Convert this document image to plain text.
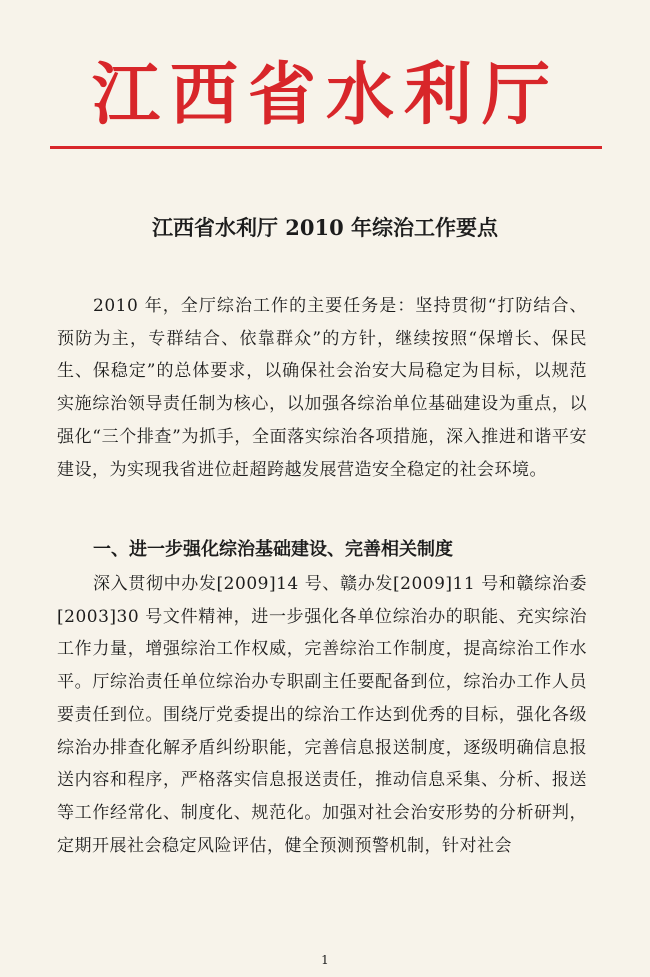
江西省水利厅
江西省水利厅 2010 年综治工作要点
2010 年，全厅综治工作的主要任务是：坚持贯彻“打防结合、预防为主，专群结合、依靠群众”的方针，继续按照“保增长、保民生、保稳定”的总体要求，以确保社会治安大局稳定为目标，以规范实施综治领导责任制为核心，以加强各综治单位基础建设为重点，以强化“三个排查”为抓手，全面落实综治各项措施，深入推进和谐平安建设，为实现我省进位赶超跨越发展营造安全稳定的社会环境。
一、进一步强化综治基础建设、完善相关制度
深入贯彻中办发[2009]14 号、赣办发[2009]11 号和赣综治委[2003]30 号文件精神，进一步强化各单位综治办的职能、充实综治工作力量，增强综治工作权威，完善综治工作制度，提高综治工作水平。厅综治责任单位综治办专职副主任要配备到位，综治办工作人员要责任到位。围绕厅党委提出的综治工作达到优秀的目标，强化各级综治办排查化解矛盾纠纷职能，完善信息报送制度，逐级明确信息报送内容和程序，严格落实信息报送责任，推动信息采集、分析、报送等工作经常化、制度化、规范化。加强对社会治安形势的分析研判，定期开展社会稳定风险评估，健全预测预警机制，针对社会
1
